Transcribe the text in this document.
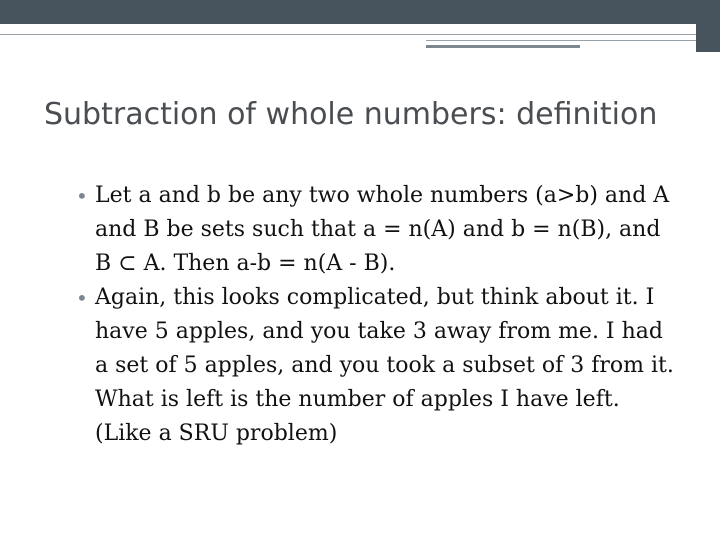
Subtraction of whole numbers: definition
• Let a and b be any two whole numbers (a>b) and A and B be sets such that a = n(A) and b = n(B), and B ⊂ A. Then a-b = n(A - B).
• Again, this looks complicated, but think about it. I have 5 apples, and you take 3 away from me. I had a set of 5 apples, and you took a subset of 3 from it. What is left is the number of apples I have left. (Like a SRU problem)
